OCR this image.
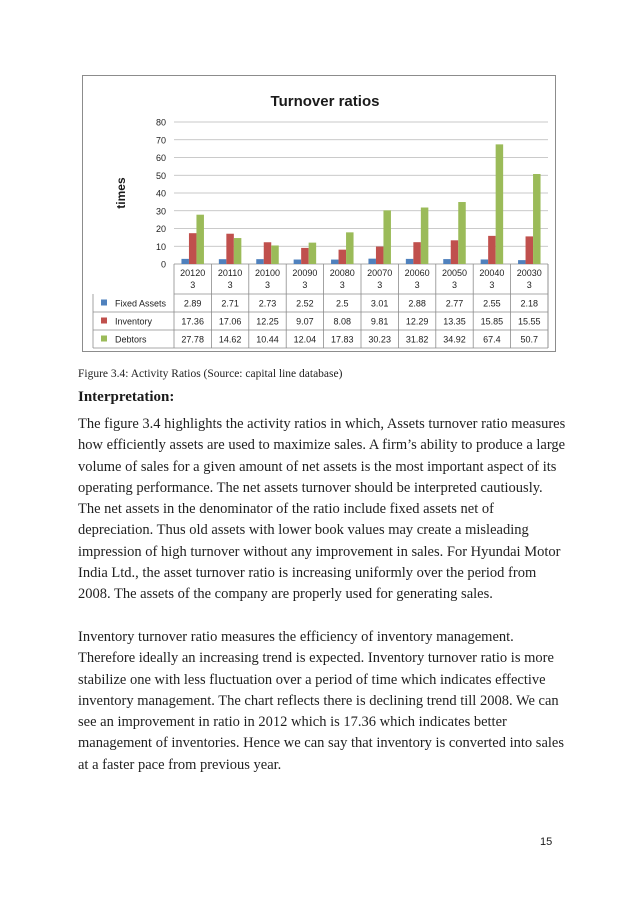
Turnover ratios
times
0
10
20
30
40
50
60
70
80
20120
3
20110
3
20100
3
20090
3
20080
3
20070
3
20060
3
20050
3
20040
3
20030
3
Fixed Assets 2.89 2.71 2.73 2.52 2.5 3.01 2.88 2.77 2.55 2.18
Inventory	17.36 17.06 12.25 9.07 8.08 9.81 12.29 13.35 15.85 15.55
Debtors	27.78 14.62 10.44 12.04 17.83 30.23 31.82 34.92 67.4 50.7
Figure 3.4: Activity Ratios (Source: capital line database)
Interpretation:

The figure 3.4 highlights the activity ratios in which, Assets turnover ratio measures how efficiently assets are used to maximize sales. A firm’s ability to produce a large volume of sales for a given amount of net assets is the most important aspect of its operating performance. The net assets turnover should be interpreted cautiously. The net assets in the denominator of the ratio include fixed assets net of depreciation. Thus old assets with lower book values may create a misleading impression of high turnover without any improvement in sales. For Hyundai Motor India Ltd., the asset turnover ratio is increasing uniformly over the period from 2008. The assets of the company are properly used for generating sales.

Inventory turnover ratio measures the efficiency of inventory management. Therefore ideally an increasing trend is expected. Inventory turnover ratio is more stabilize one with less fluctuation over a period of time which indicates effective inventory management. The chart reflects there is declining trend till 2008. We can see an improvement in ratio in 2012 which is 17.36 which indicates better management of inventories. Hence we can say that inventory is converted into sales at a faster pace from previous year.

15
